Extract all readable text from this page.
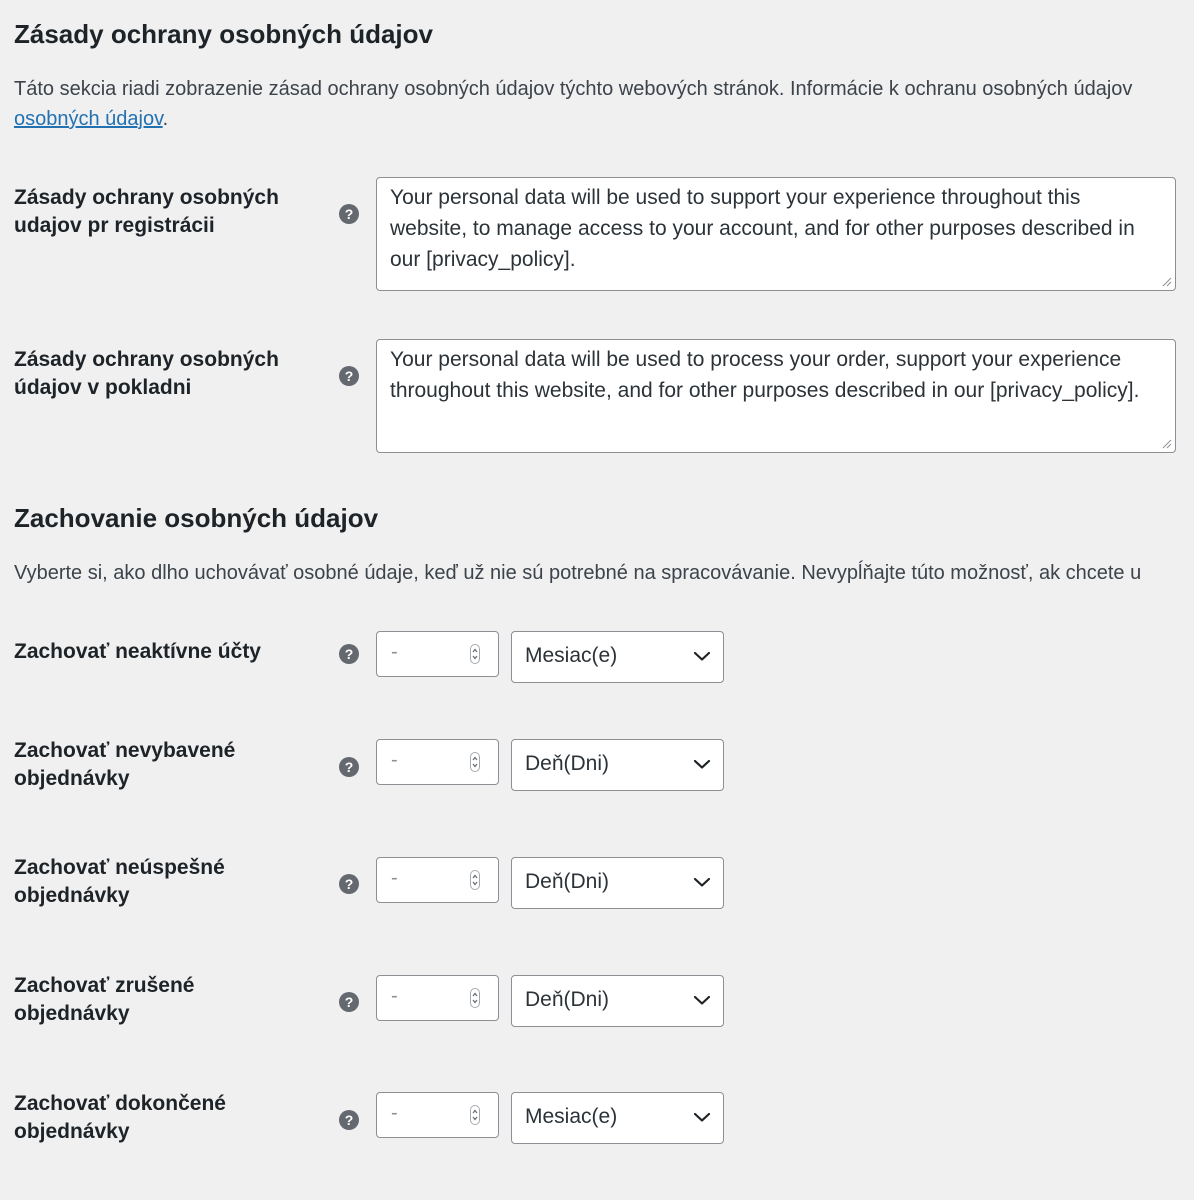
Zásady ochrany osobných údajov

Táto sekcia riadi zobrazenie zásad ochrany osobných údajov týchto webových stránok. Informácie k ochranu osobných údajov
osobných údajov.

Zásady ochrany osobných udajov pr registrácii	?
Your personal data will be used to support your experience throughout this website, to manage access to your account, and for other purposes described in our [privacy_policy].
Zásady ochrany osobných údajov v pokladni	?
Your personal data will be used to process your order, support your experience throughout this website, and for other purposes described in our [privacy_policy].
Zachovanie osobných údajov

Vyberte si, ako dlho uchovávať osobné údaje, keď už nie sú potrebné na spracovávanie. Nevypĺňajte túto možnosť, ak chcete u

Zachovať neaktívne účty	? -	Mesiac(e)
Zachovať nevybavené objednávky	? -	Deň(Dni)
Zachovať neúspešné objednávky	? -	Deň(Dni)
Zachovať zrušené objednávky	? -	Deň(Dni)
Zachovať dokončené objednávky	? -	Mesiac(e)
